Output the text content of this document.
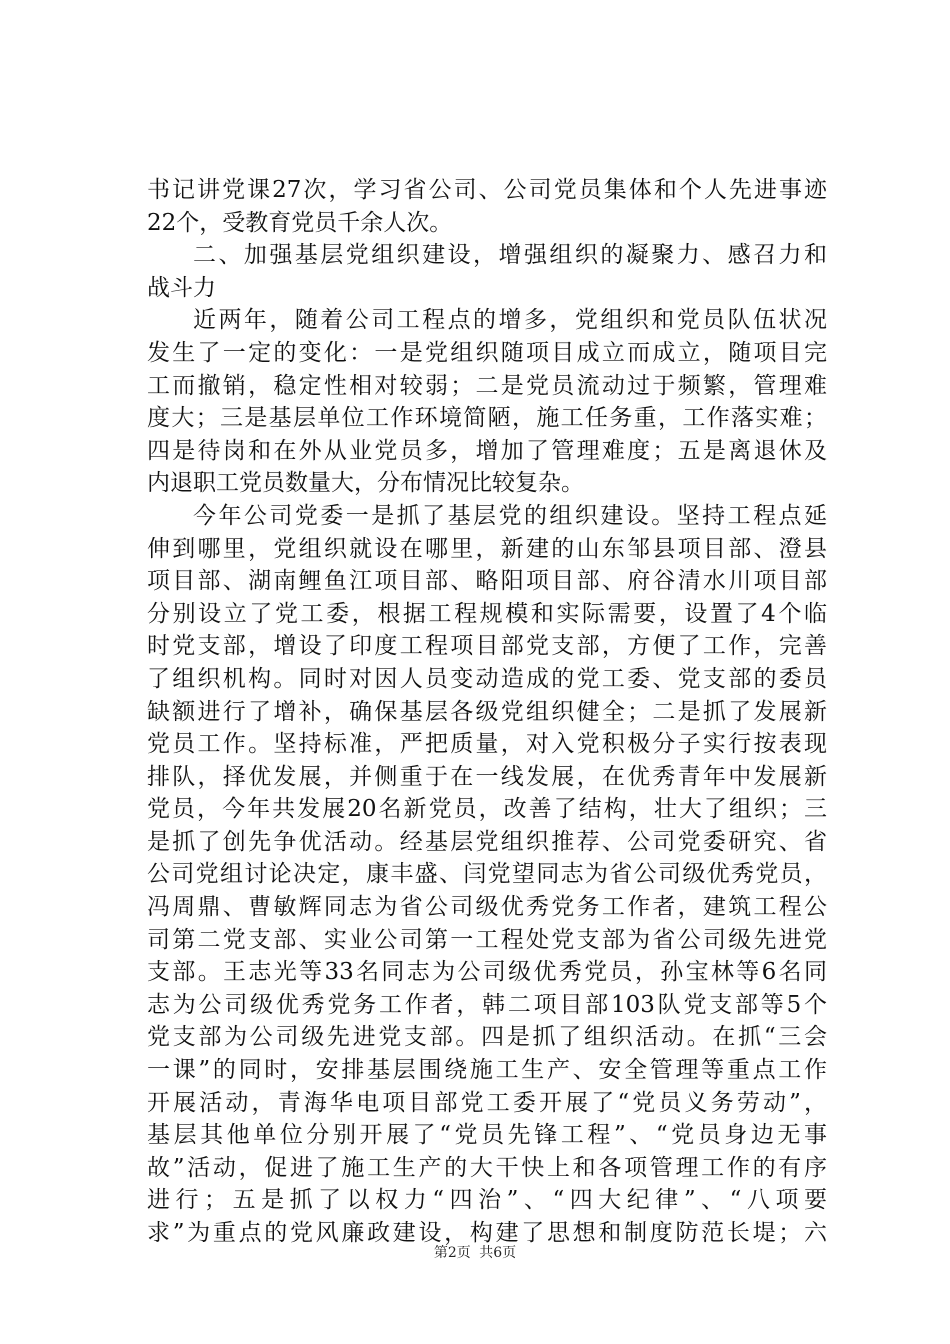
书记讲党课27次，学习省公司、公司党员集体和个人先进事迹
22个，受教育党员千余人次。
二、加强基层党组织建设，增强组织的凝聚力、感召力和
战斗力
近两年，随着公司工程点的增多，党组织和党员队伍状况
发生了一定的变化：一是党组织随项目成立而成立，随项目完
工而撤销，稳定性相对较弱；二是党员流动过于频繁，管理难
度大；三是基层单位工作环境简陋，施工任务重，工作落实难；
四是待岗和在外从业党员多，增加了管理难度；五是离退休及
内退职工党员数量大，分布情况比较复杂。
今年公司党委一是抓了基层党的组织建设。坚持工程点延
伸到哪里，党组织就设在哪里，新建的山东邹县项目部、澄县
项目部、湖南鲤鱼江项目部、略阳项目部、府谷清水川项目部
分别设立了党工委，根据工程规模和实际需要，设置了4个临
时党支部，增设了印度工程项目部党支部，方便了工作，完善
了组织机构。同时对因人员变动造成的党工委、党支部的委员
缺额进行了增补，确保基层各级党组织健全；二是抓了发展新
党员工作。坚持标准，严把质量，对入党积极分子实行按表现
排队，择优发展，并侧重于在一线发展，在优秀青年中发展新
党员，今年共发展20名新党员，改善了结构，壮大了组织；三
是抓了创先争优活动。经基层党组织推荐、公司党委研究、省
公司党组讨论决定，康丰盛、闫党望同志为省公司级优秀党员，
冯周鼎、曹敏辉同志为省公司级优秀党务工作者，建筑工程公
司第二党支部、实业公司第一工程处党支部为省公司级先进党
支部。王志光等33名同志为公司级优秀党员，孙宝林等6名同
志为公司级优秀党务工作者，韩二项目部103队党支部等5个
党支部为公司级先进党支部。四是抓了组织活动。在抓“三会
一课”的同时，安排基层围绕施工生产、安全管理等重点工作
开展活动，青海华电项目部党工委开展了“党员义务劳动”，
基层其他单位分别开展了“党员先锋工程”、“党员身边无事
故”活动，促进了施工生产的大干快上和各项管理工作的有序
进行；五是抓了以权力“四治”、“四大纪律”、“八项要
求”为重点的党风廉政建设，构建了思想和制度防范长堤；六
第2页 共6页
